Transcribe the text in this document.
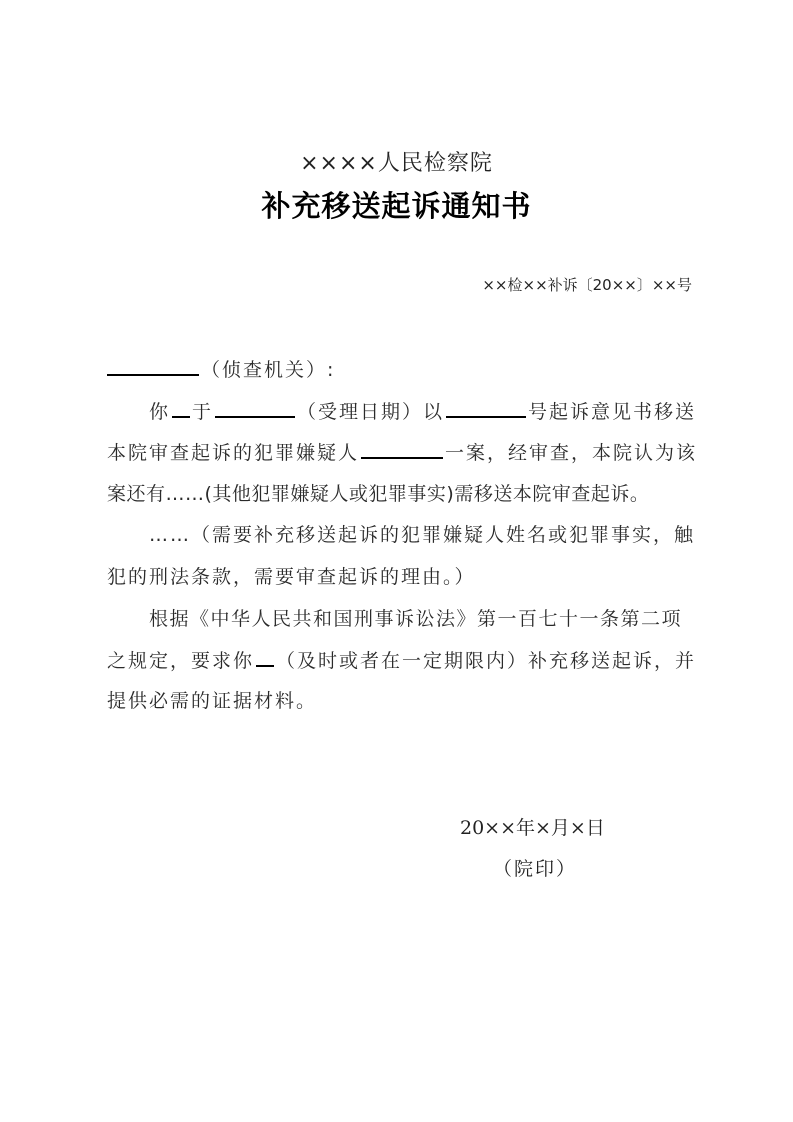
××××人民检察院
补充移送起诉通知书
××检××补诉〔20××〕××号
（侦查机关）:
你 于	（受理日期）以	号起诉意见书移送
本院审查起诉的犯罪嫌疑人	一案，经审查，本院认为该
案还有……(其他犯罪嫌疑人或犯罪事实)需移送本院审查起诉。
……（需要补充移送起诉的犯罪嫌疑人姓名或犯罪事实，触
犯的刑法条款，需要审查起诉的理由。）
根据《中华人民共和国刑事诉讼法》第一百七十一条第二项
之规定，要求你 （及时或者在一定期限内）补充移送起诉，并
提供必需的证据材料。
20××年×月×日
（院印）
